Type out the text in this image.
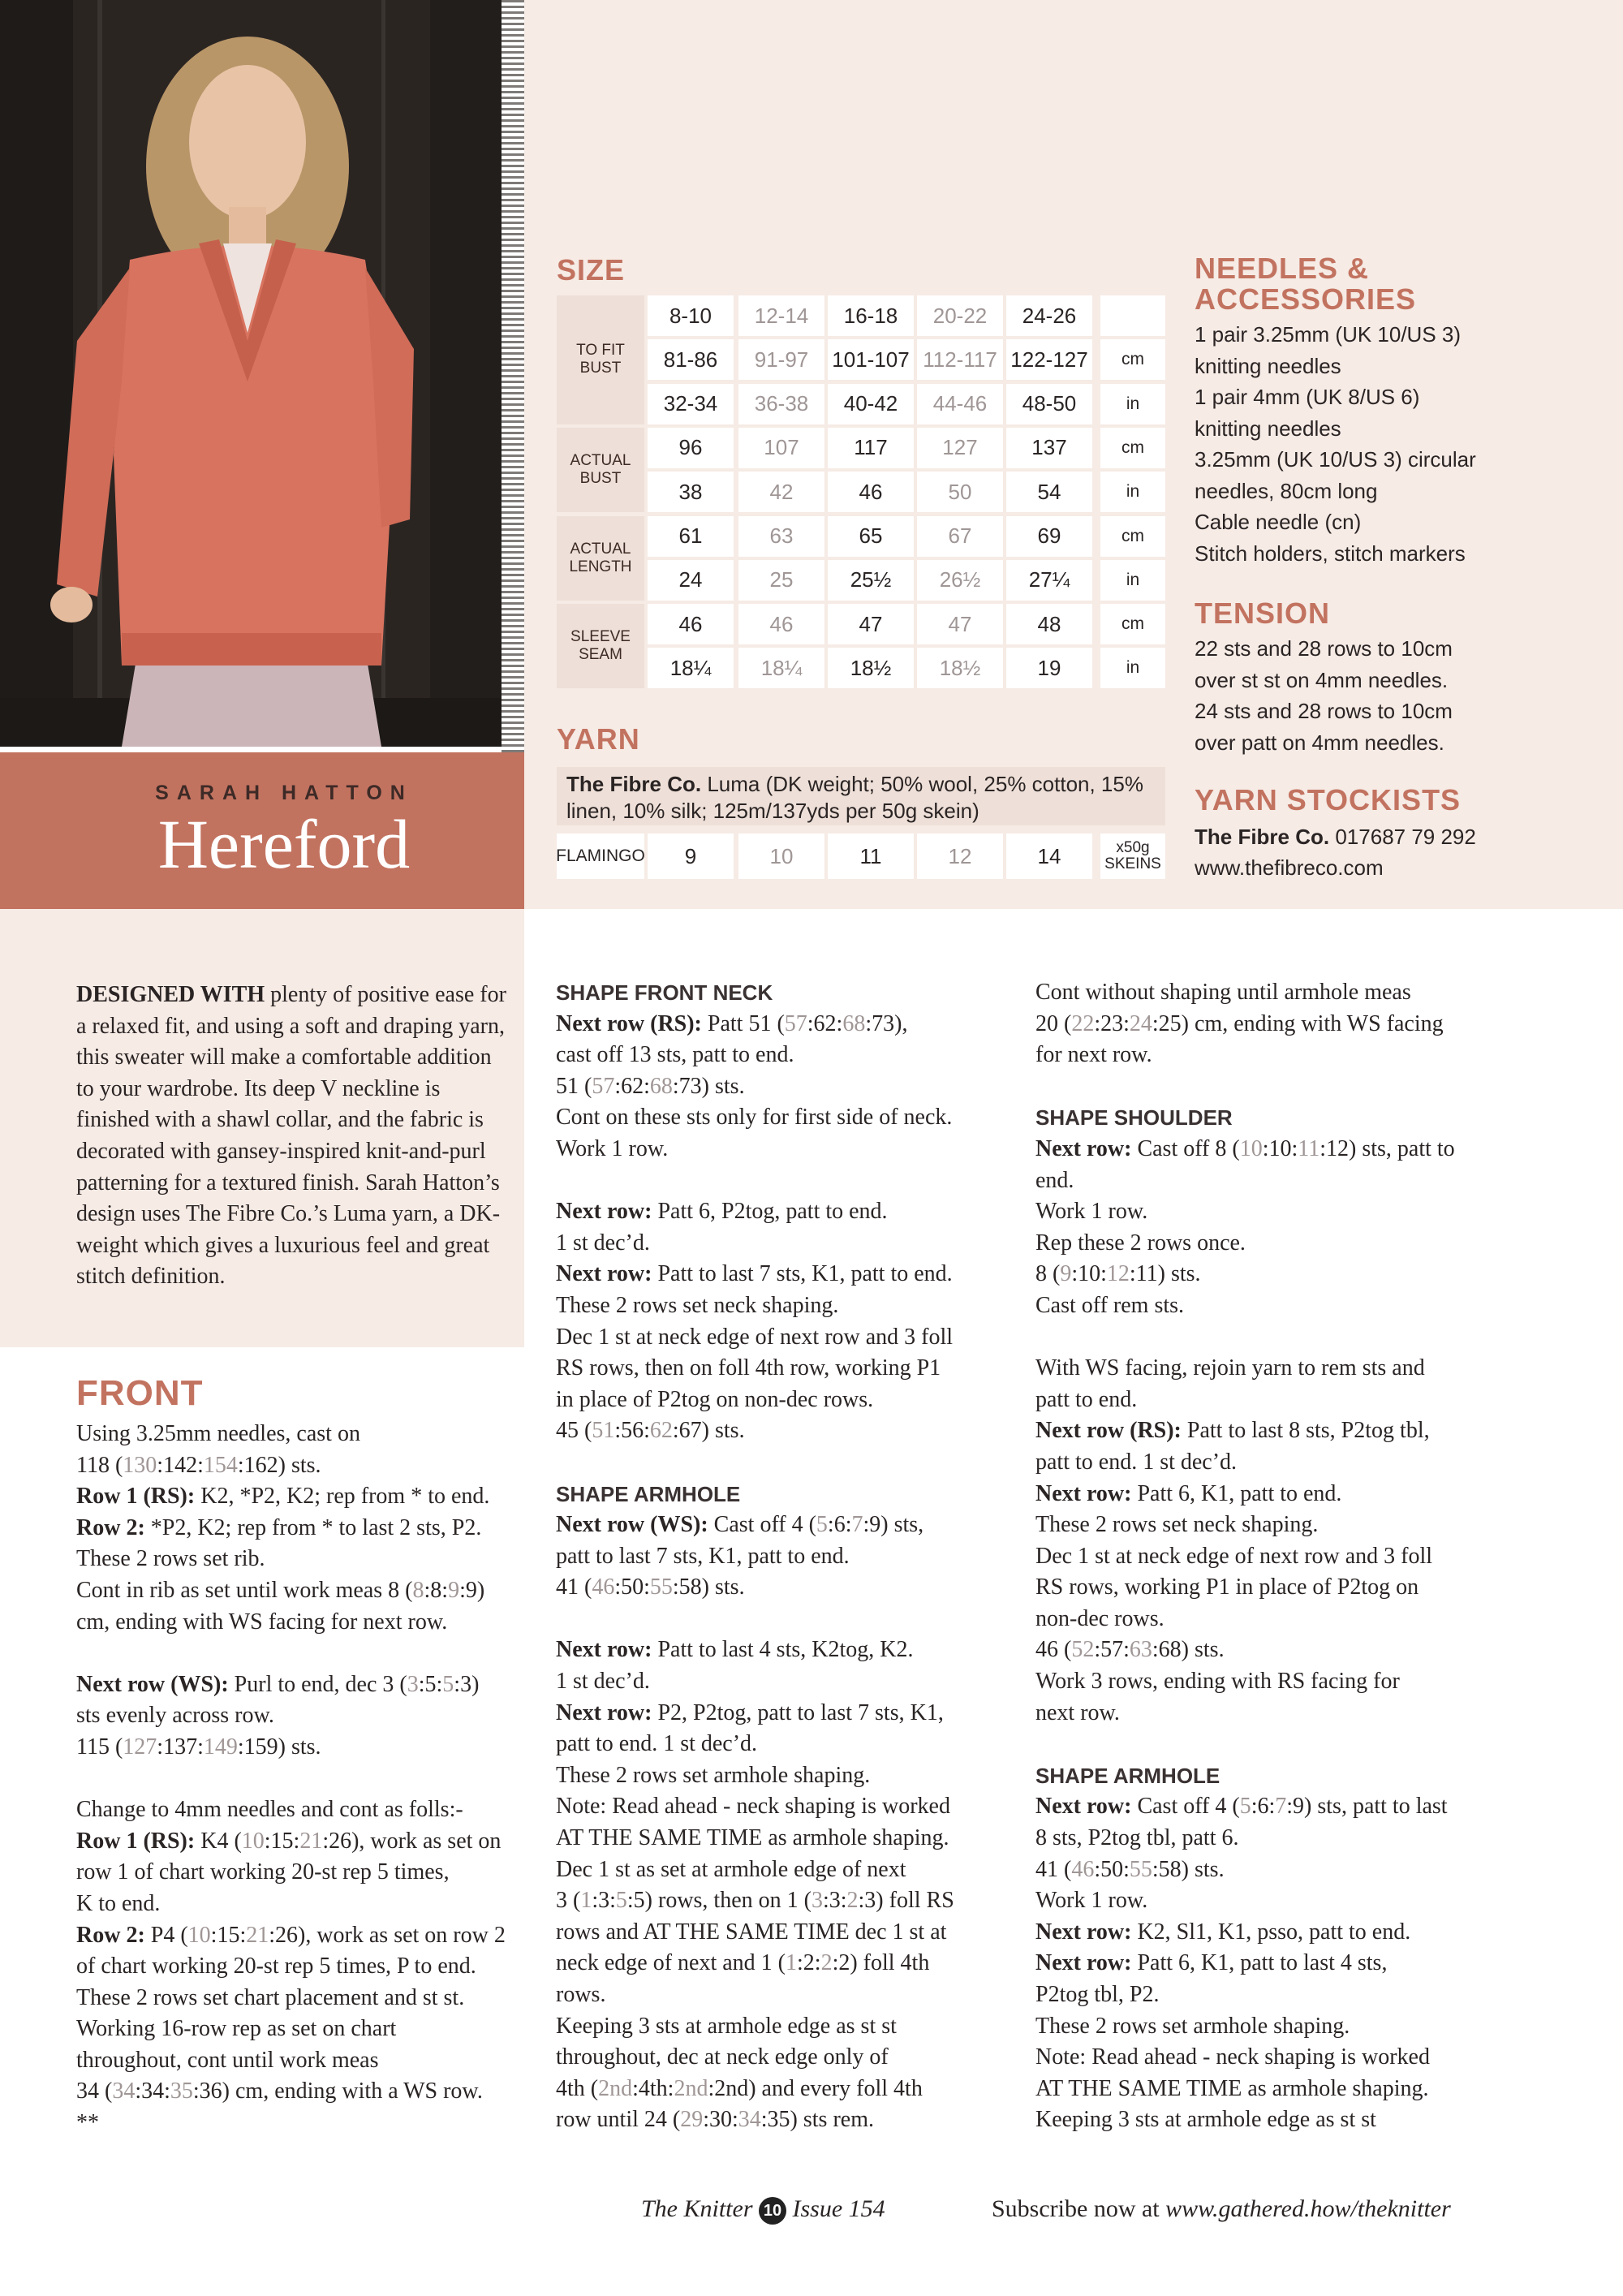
SARAH HATTON
Hereford
SIZE
8-10	12-14	16-18	20-22	24-26
TO FIT BUST	81-86	91-97	101-107 112-117 122-127	cm
32-34	36-38	40-42	44-46	48-50	in
ACTUAL BUST
96	107	117	127	137	cm
38	42	46	50	54	in
ACTUAL LENGTH
61	63	65	67	69	cm
24	25	25½	26½	27¼	in
SLEEVE SEAM
46	46	47	47	48	cm
18¼	18¼	18½	18½	19	in
YARN
The Fibre Co. Luma (DK weight; 50% wool, 25% cotton, 15% linen, 10% silk; 125m/137yds per 50g skein)
FLAMINGO	9	10	11	12	14	x50g SKEINS
NEEDLES & ACCESSORIES
1 pair 3.25mm (UK 10/US 3)
knitting needles
1 pair 4mm (UK 8/US 6)
knitting needles
3.25mm (UK 10/US 3) circular
needles, 80cm long
Cable needle (cn)
Stitch holders, stitch markers
TENSION
22 sts and 28 rows to 10cm
over st st on 4mm needles.
24 sts and 28 rows to 10cm
over patt on 4mm needles.
YARN STOCKISTS
The Fibre Co. 017687 79 292
www.thefibreco.com
DESIGNED WITH plenty of positive ease for a relaxed fit, and using a soft and draping yarn, this sweater will make a comfortable addition to your wardrobe. Its deep V neckline is finished with a shawl collar, and the fabric is decorated with gansey-inspired knit-and-purl patterning for a textured finish. Sarah Hatton’s design uses The Fibre Co.’s Luma yarn, a DK-weight which gives a luxurious feel and great stitch definition.
FRONT

Using 3.25mm needles, cast on

118 (130:142:154:162) sts.

Row 1 (RS): K2, *P2, K2; rep from * to end.

Row 2: *P2, K2; rep from * to last 2 sts, P2.

These 2 rows set rib.

Cont in rib as set until work meas 8 (8:8:9:9)

cm, ending with WS facing for next row.

Next row (WS): Purl to end, dec 3 (3:5:5:3)

sts evenly across row.

115 (127:137:149:159) sts.

Change to 4mm needles and cont as folls:-

Row 1 (RS): K4 (10:15:21:26), work as set on

row 1 of chart working 20-st rep 5 times,

K to end.

Row 2: P4 (10:15:21:26), work as set on row 2

of chart working 20-st rep 5 times, P to end.

These 2 rows set chart placement and st st.

Working 16-row rep as set on chart

throughout, cont until work meas

34 (34:34:35:36) cm, ending with a WS row.

**

SHAPE FRONT NECK

Next row (RS): Patt 51 (57:62:68:73),

cast off 13 sts, patt to end.

51 (57:62:68:73) sts.

Cont on these sts only for first side of neck.

Work 1 row.

Next row: Patt 6, P2tog, patt to end.

1 st dec’d.

Next row: Patt to last 7 sts, K1, patt to end.

These 2 rows set neck shaping.

Dec 1 st at neck edge of next row and 3 foll

RS rows, then on foll 4th row, working P1

in place of P2tog on non-dec rows.

45 (51:56:62:67) sts.

SHAPE ARMHOLE

Next row (WS): Cast off 4 (5:6:7:9) sts,

patt to last 7 sts, K1, patt to end.

41 (46:50:55:58) sts.

Next row: Patt to last 4 sts, K2tog, K2.

1 st dec’d.

Next row: P2, P2tog, patt to last 7 sts, K1,

patt to end. 1 st dec’d.

These 2 rows set armhole shaping.

Note: Read ahead - neck shaping is worked

AT THE SAME TIME as armhole shaping.

Dec 1 st as set at armhole edge of next

3 (1:3:5:5) rows, then on 1 (3:3:2:3) foll RS

rows and AT THE SAME TIME dec 1 st at

neck edge of next and 1 (1:2:2:2) foll 4th

rows.

Keeping 3 sts at armhole edge as st st

throughout, dec at neck edge only of

4th (2nd:4th:2nd:2nd) and every foll 4th

row until 24 (29:30:34:35) sts rem.

Cont without shaping until armhole meas

20 (22:23:24:25) cm, ending with WS facing

for next row.

SHAPE SHOULDER

Next row: Cast off 8 (10:10:11:12) sts, patt to

end.

Work 1 row.

Rep these 2 rows once.

8 (9:10:12:11) sts.

Cast off rem sts.

With WS facing, rejoin yarn to rem sts and

patt to end.

Next row (RS): Patt to last 8 sts, P2tog tbl,

patt to end. 1 st dec’d.

Next row: Patt 6, K1, patt to end.

These 2 rows set neck shaping.

Dec 1 st at neck edge of next row and 3 foll

RS rows, working P1 in place of P2tog on

non-dec rows.

46 (52:57:63:68) sts.

Work 3 rows, ending with RS facing for

next row.

SHAPE ARMHOLE

Next row: Cast off 4 (5:6:7:9) sts, patt to last

8 sts, P2tog tbl, patt 6.

41 (46:50:55:58) sts.

Work 1 row.

Next row: K2, Sl1, K1, psso, patt to end.

Next row: Patt 6, K1, patt to last 4 sts,

P2tog tbl, P2.

These 2 rows set armhole shaping.

Note: Read ahead - neck shaping is worked

AT THE SAME TIME as armhole shaping.

Keeping 3 sts at armhole edge as st st

The Knitter 10 Issue 154	Subscribe now at www.gathered.how/theknitter
